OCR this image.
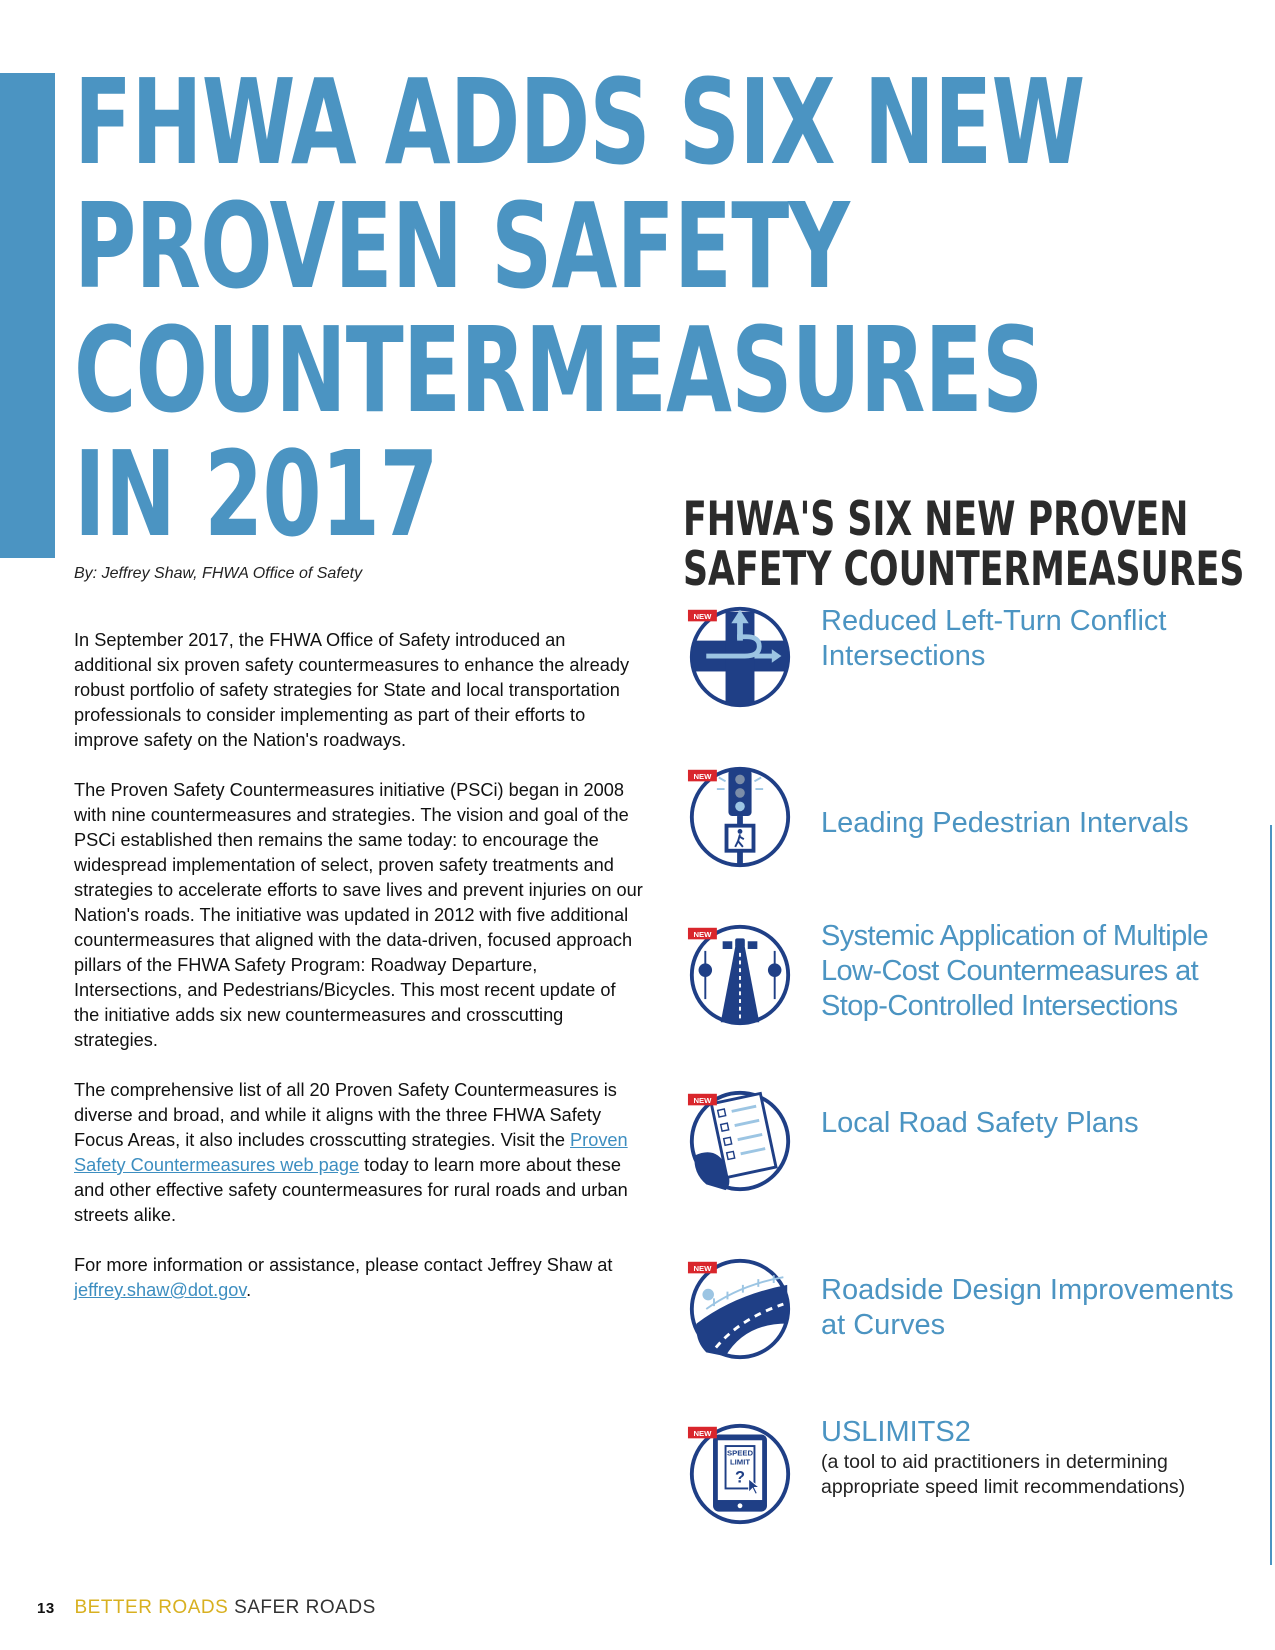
FHWA ADDS SIX NEW
PROVEN SAFETY
COUNTERMEASURES
IN 2017
By: Jeffrey Shaw, FHWA Office of Safety

In September 2017, the FHWA Office of Safety introduced an additional six proven safety countermeasures to enhance the already robust portfolio of safety strategies for State and local transportation professionals to consider implementing as part of their efforts to improve safety on the Nation's roadways.

The Proven Safety Countermeasures initiative (PSCi) began in 2008 with nine countermeasures and strategies. The vision and goal of the PSCi established then remains the same today: to encourage the widespread implementation of select, proven safety treatments and strategies to accelerate efforts to save lives and prevent injuries on our Nation's roads. The initiative was updated in 2012 with five additional countermeasures that aligned with the data-driven, focused approach pillars of the FHWA Safety Program: Roadway Departure, Intersections, and Pedestrians/Bicycles. This most recent update of the initiative adds six new countermeasures and crosscutting strategies.

The comprehensive list of all 20 Proven Safety Countermeasures is diverse and broad, and while it aligns with the three FHWA Safety Focus Areas, it also includes crosscutting strategies. Visit the Proven Safety Countermeasures web page today to learn more about these and other effective safety countermeasures for rural roads and urban streets alike.

For more information or assistance, please contact Jeffrey Shaw at jeffrey.shaw@dot.gov.

FHWA'S SIX NEW PROVEN
SAFETY COUNTERMEASURES
NEW	Reduced Left-Turn Conflict Intersections
NEW
Leading Pedestrian Intervals
NEW	Systemic Application of Multiple Low-Cost Countermeasures at Stop-Controlled Intersections
NEW
Local Road Safety Plans
NEW
Roadside Design Improvements at Curves
SPEED
LIMIT
?
NEW	USLIMITS2
(a tool to aid practitioners in determining appropriate speed limit recommendations)
13 BETTER ROADS SAFER ROADS
